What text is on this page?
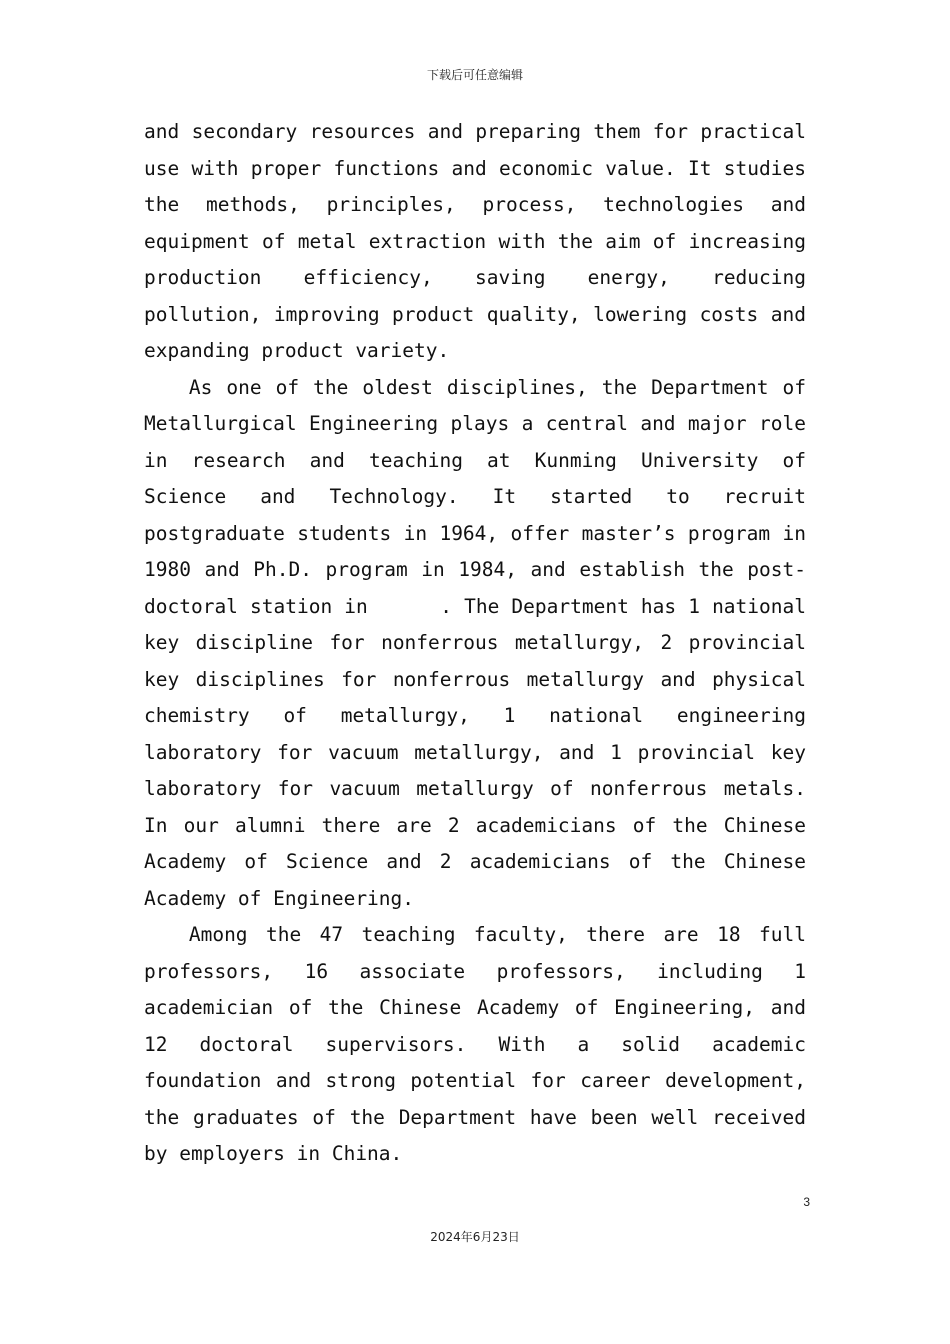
下载后可任意编辑

and secondary resources and preparing them for practical use with proper functions and economic value. It studies the methods, principles, process, technologies and equipment of metal extraction with the aim of increasing production efficiency, saving energy, reducing pollution, improving product quality, lowering costs and expanding product variety.

As one of the oldest disciplines, the Department of Metallurgical Engineering plays a central and major role in research and teaching at Kunming University of Science and Technology. It started to recruit postgraduate students in 1964, offer master’s program in 1980 and Ph.D. program in 1984, and establish the post-doctoral station in      . The Department has 1 national key discipline for nonferrous metallurgy, 2 provincial key disciplines for nonferrous metallurgy and physical chemistry of metallurgy, 1 national engineering laboratory for vacuum metallurgy, and 1 provincial key laboratory for vacuum metallurgy of nonferrous metals. In our alumni there are 2 academicians of the Chinese Academy of Science and 2 academicians of the Chinese Academy of Engineering.

Among the 47 teaching faculty, there are 18 full professors, 16 associate professors, including 1 academician of the Chinese Academy of Engineering, and 12 doctoral supervisors. With a solid academic foundation and strong potential for career development, the graduates of the Department have been well received by employers in China.

3
2024年6月23日
